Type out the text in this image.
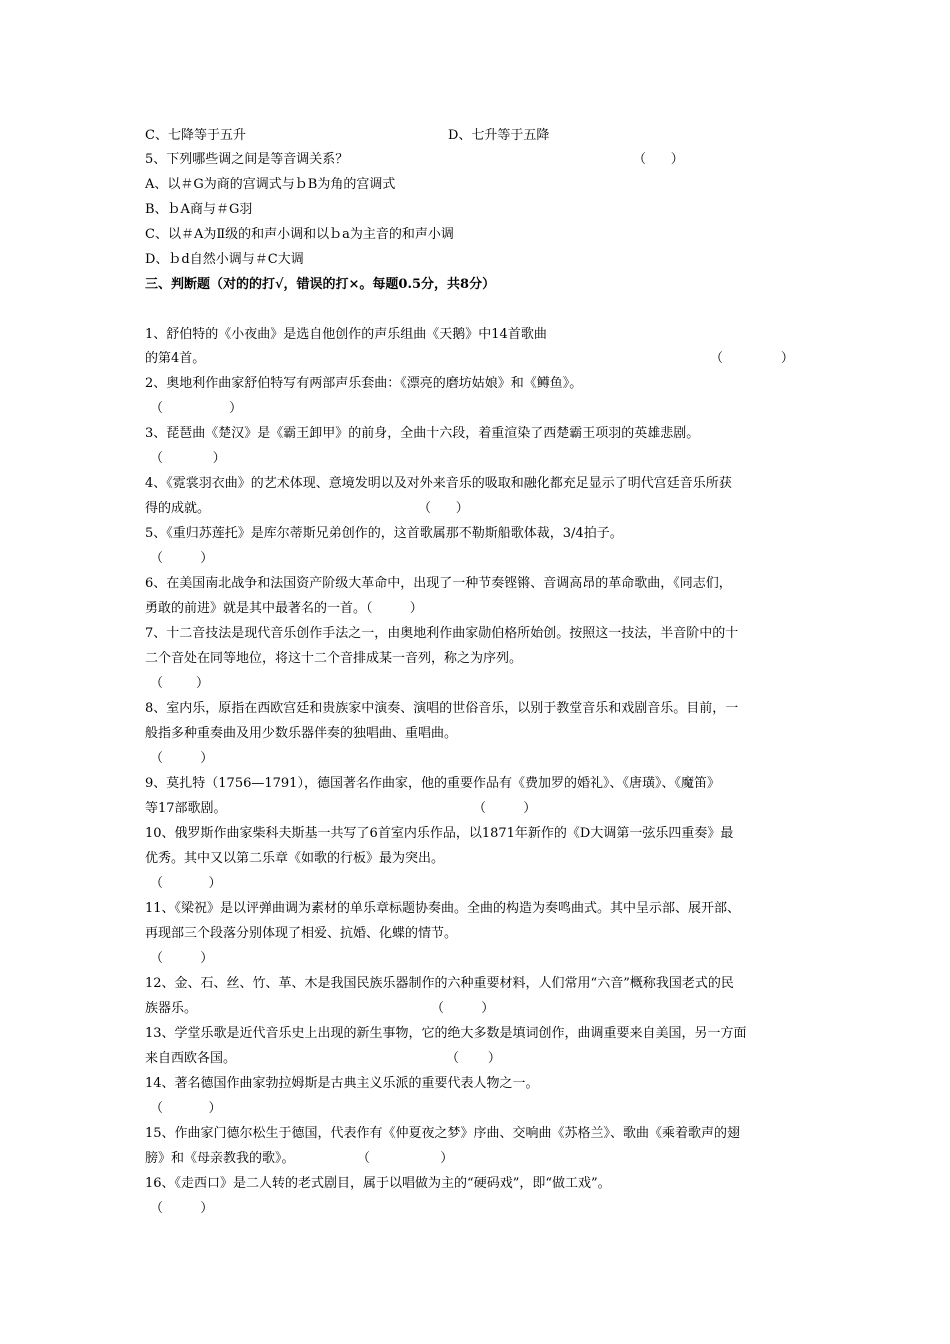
C、七降等于五升	D、七升等于五降
5、下列哪些调之间是等音调关系？	（      ）
A、以＃G为商的宫调式与ｂB为角的宫调式
B、ｂA商与＃G羽
C、以＃A为Ⅱ级的和声小调和以ｂa为主音的和声小调
D、ｂd自然小调与＃C大调
三、判断题（对的的打√，错误的打×。每题0.5分，共8分）
1、舒伯特的《小夜曲》是选自他创作的声乐组曲《天鹅》中14首歌曲
的第4首。	（              ）
2、奥地利作曲家舒伯特写有两部声乐套曲：《漂亮的磨坊姑娘》和《鳟鱼》。
（                ）
3、琵琶曲《楚汉》是《霸王卸甲》的前身，全曲十六段，着重渲染了西楚霸王项羽的英雄悲剧。
（            ）
4、《霓裳羽衣曲》的艺术体现、意境发明以及对外来音乐的吸取和融化都充足显示了明代宫廷音乐所获
得的成就。	（      ）
5、《重归苏莲托》是库尔蒂斯兄弟创作的，这首歌属那不勒斯船歌体裁，3/4拍子。
（         ）
6、在美国南北战争和法国资产阶级大革命中，出现了一种节奏铿锵、音调高昂的革命歌曲，《同志们，
勇敢的前进》就是其中最著名的一首。（         ）
7、十二音技法是现代音乐创作手法之一，由奥地利作曲家勋伯格所始创。按照这一技法，半音阶中的十
二个音处在同等地位，将这十二个音排成某一音列，称之为序列。
（        ）
8、室内乐，原指在西欧宫廷和贵族家中演奏、演唱的世俗音乐，以别于教堂音乐和戏剧音乐。目前，一
般指多种重奏曲及用少数乐器伴奏的独唱曲、重唱曲。
（         ）
9、莫扎特（1756—1791），德国著名作曲家，他的重要作品有《费加罗的婚礼》、《唐璜》、《魔笛》
等17部歌剧。	（         ）
10、俄罗斯作曲家柴科夫斯基一共写了6首室内乐作品，以1871年新作的《D大调第一弦乐四重奏》最
优秀。其中又以第二乐章《如歌的行板》最为突出。
（           ）
11、《梁祝》是以评弹曲调为素材的单乐章标题协奏曲。全曲的构造为奏鸣曲式。其中呈示部、展开部、
再现部三个段落分别体现了相爱、抗婚、化蝶的情节。
（         ）
12、金、石、丝、竹、革、木是我国民族乐器制作的六种重要材料，人们常用“六音”概称我国老式的民
族器乐。	（         ）
13、学堂乐歌是近代音乐史上出现的新生事物，它的绝大多数是填词创作，曲调重要来自美国，另一方面
来自西欧各国。	（       ）
14、著名德国作曲家勃拉姆斯是古典主义乐派的重要代表人物之一。
（           ）
15、作曲家门德尔松生于德国，代表作有《仲夏夜之梦》序曲、交响曲《苏格兰》、歌曲《乘着歌声的翅
膀》和《母亲教我的歌》。	（                 ）
16、《走西口》是二人转的老式剧目，属于以唱做为主的“硬码戏”，即“做工戏”。
（         ）
